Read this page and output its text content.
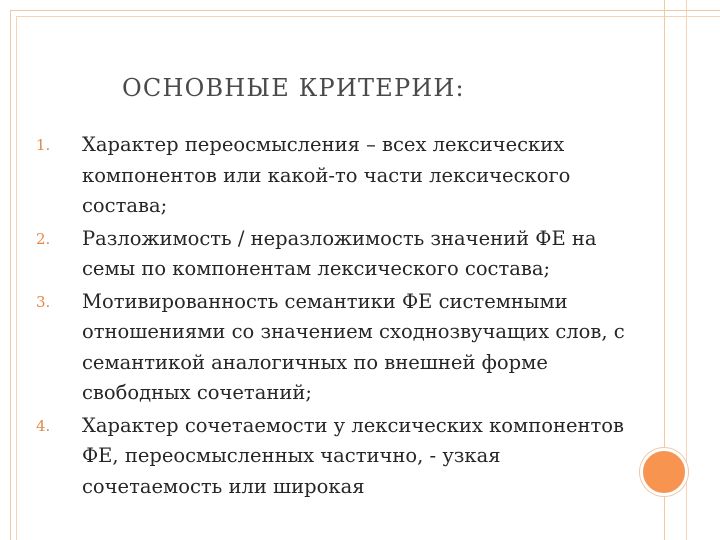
ОСНОВНЫЕ КРИТЕРИИ:
1. Характер переосмысления – всех лексических компонентов или какой-то части лексического состава;
2. Разложимость / неразложимость значений ФЕ на семы по компонентам лексического состава;
3. Мотивированность семантики ФЕ системными отношениями со значением сходнозвучащих слов, с семантикой аналогичных по внешней форме свободных сочетаний;
4. Характер сочетаемости у лексических компонентов ФЕ, переосмысленных частично, - узкая сочетаемость или широкая
